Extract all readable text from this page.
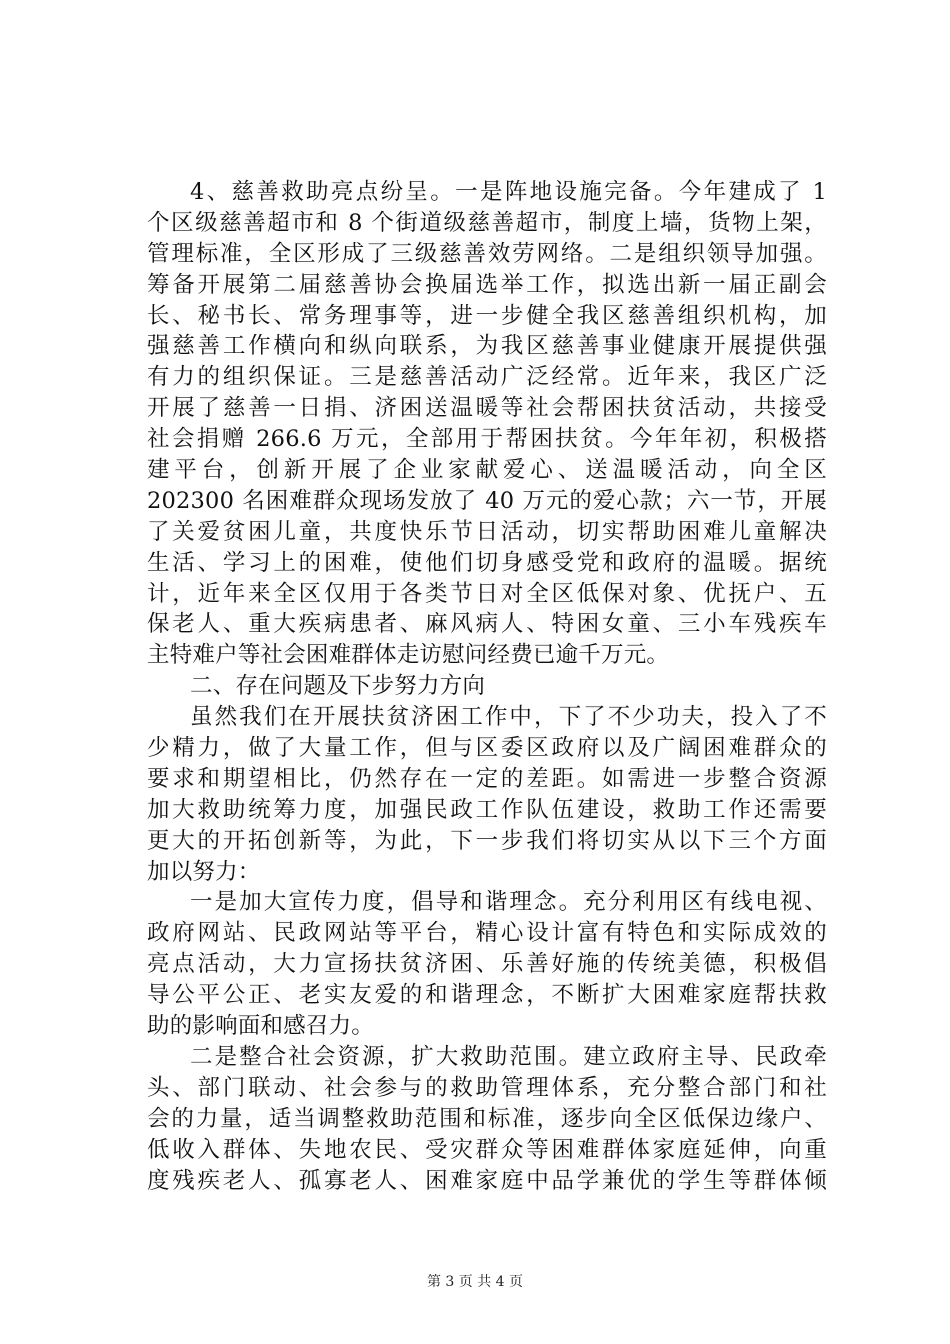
4、慈善救助亮点纷呈。一是阵地设施完备。今年建成了 1
个区级慈善超市和 8 个街道级慈善超市，制度上墙，货物上架，
管理标准，全区形成了三级慈善效劳网络。二是组织领导加强。
筹备开展第二届慈善协会换届选举工作，拟选出新一届正副会
长、秘书长、常务理事等，进一步健全我区慈善组织机构，加
强慈善工作横向和纵向联系，为我区慈善事业健康开展提供强
有力的组织保证。三是慈善活动广泛经常。近年来，我区广泛
开展了慈善一日捐、济困送温暖等社会帮困扶贫活动，共接受
社会捐赠 266.6 万元，全部用于帮困扶贫。今年年初，积极搭
建平台，创新开展了企业家献爱心、送温暖活动，向全区
202300 名困难群众现场发放了 40 万元的爱心款；六一节，开展
了关爱贫困儿童，共度快乐节日活动，切实帮助困难儿童解决
生活、学习上的困难，使他们切身感受党和政府的温暖。据统
计，近年来全区仅用于各类节日对全区低保对象、优抚户、五
保老人、重大疾病患者、麻风病人、特困女童、三小车残疾车
主特难户等社会困难群体走访慰问经费已逾千万元。
二、存在问题及下步努力方向
虽然我们在开展扶贫济困工作中，下了不少功夫，投入了不
少精力，做了大量工作，但与区委区政府以及广阔困难群众的
要求和期望相比，仍然存在一定的差距。如需进一步整合资源
加大救助统筹力度，加强民政工作队伍建设，救助工作还需要
更大的开拓创新等，为此，下一步我们将切实从以下三个方面
加以努力：
一是加大宣传力度，倡导和谐理念。充分利用区有线电视、
政府网站、民政网站等平台，精心设计富有特色和实际成效的
亮点活动，大力宣扬扶贫济困、乐善好施的传统美德，积极倡
导公平公正、老实友爱的和谐理念，不断扩大困难家庭帮扶救
助的影响面和感召力。
二是整合社会资源，扩大救助范围。建立政府主导、民政牵
头、部门联动、社会参与的救助管理体系，充分整合部门和社
会的力量，适当调整救助范围和标准，逐步向全区低保边缘户、
低收入群体、失地农民、受灾群众等困难群体家庭延伸，向重
度残疾老人、孤寡老人、困难家庭中品学兼优的学生等群体倾
第 3 页 共 4 页
